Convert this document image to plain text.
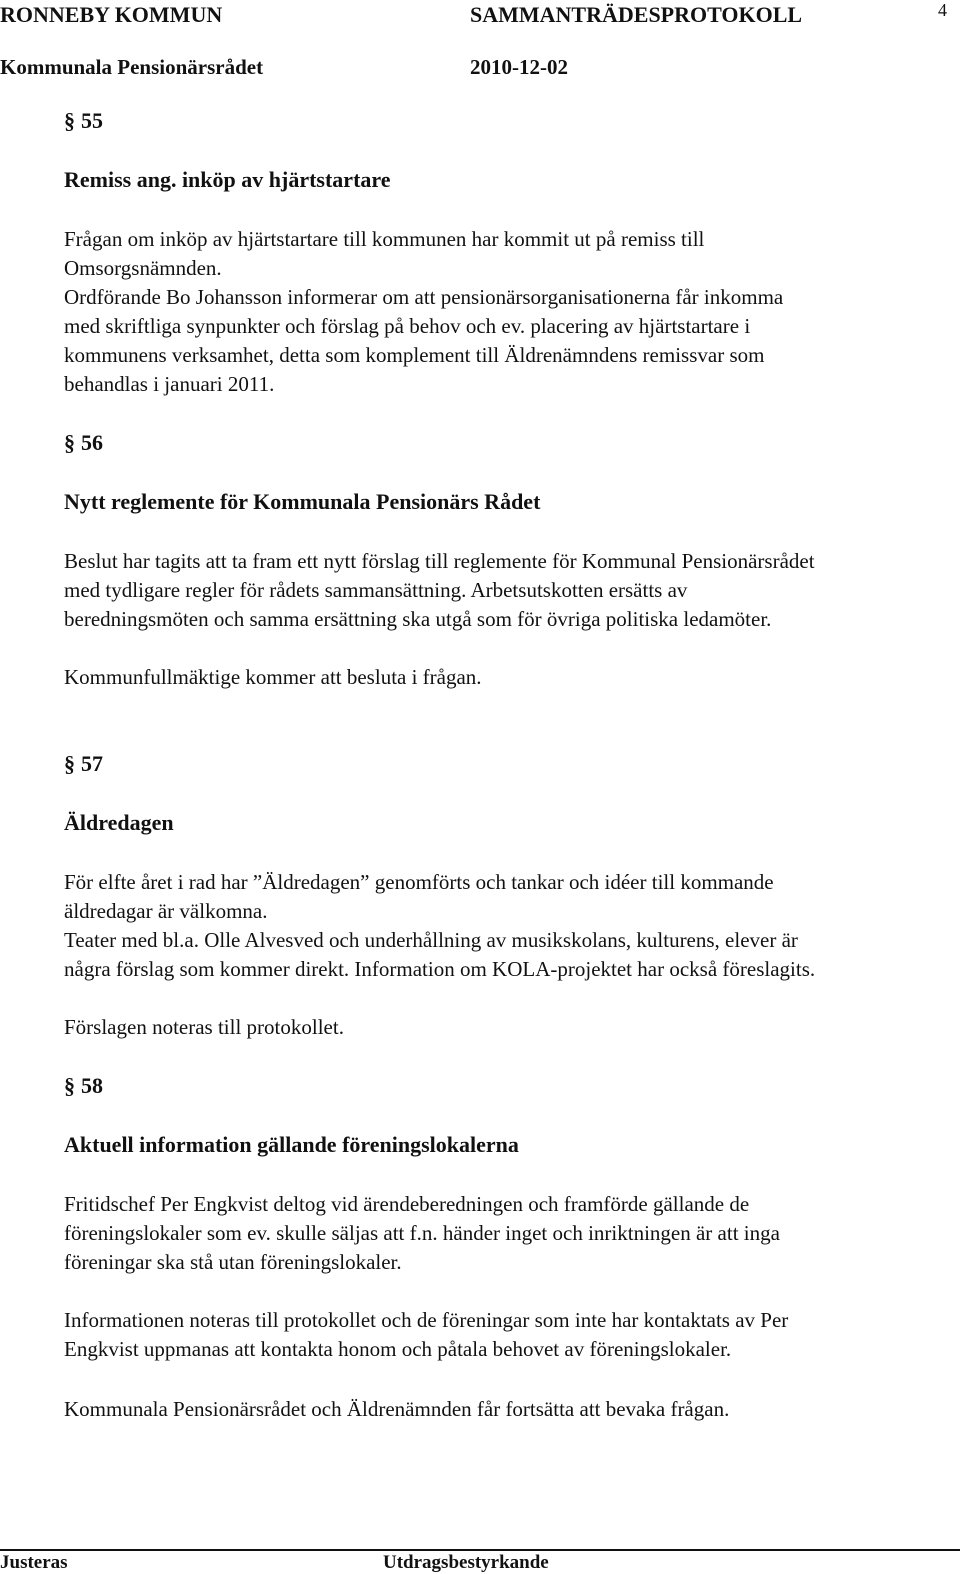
RONNEBY KOMMUN	SAMMANTRÄDESPROTOKOLL	4
Kommunala Pensionärsrådet	2010-12-02
§ 55
Remiss ang. inköp av hjärtstartare
Frågan om inköp av hjärtstartare till kommunen har kommit ut på remiss till
Omsorgsnämnden.
Ordförande Bo Johansson informerar om att pensionärsorganisationerna får inkomma
med skriftliga synpunkter och förslag på behov och ev. placering av hjärtstartare i
kommunens verksamhet, detta som komplement till Äldrenämndens remissvar som
behandlas i januari 2011.
§ 56
Nytt reglemente för Kommunala Pensionärs Rådet
Beslut har tagits att ta fram ett nytt förslag till reglemente för Kommunal Pensionärsrådet
med tydligare regler för rådets sammansättning. Arbetsutskotten ersätts av
beredningsmöten och samma ersättning ska utgå som för övriga politiska ledamöter.
Kommunfullmäktige kommer att besluta i frågan.
§ 57
Äldredagen
För elfte året i rad har ”Äldredagen” genomförts och tankar och idéer till kommande
äldredagar är välkomna.
Teater med bl.a. Olle Alvesved och underhållning av musikskolans, kulturens, elever är
några förslag som kommer direkt. Information om KOLA-projektet har också föreslagits.
Förslagen noteras till protokollet.
§ 58
Aktuell information gällande föreningslokalerna
Fritidschef Per Engkvist deltog vid ärendeberedningen och framförde gällande de
föreningslokaler som ev. skulle säljas att f.n. händer inget och inriktningen är att inga
föreningar ska stå utan föreningslokaler.
Informationen noteras till protokollet och de föreningar som inte har kontaktats av Per
Engkvist uppmanas att kontakta honom och påtala behovet av föreningslokaler.
Kommunala Pensionärsrådet och Äldrenämnden får fortsätta att bevaka frågan.
Justeras	Utdragsbestyrkande
